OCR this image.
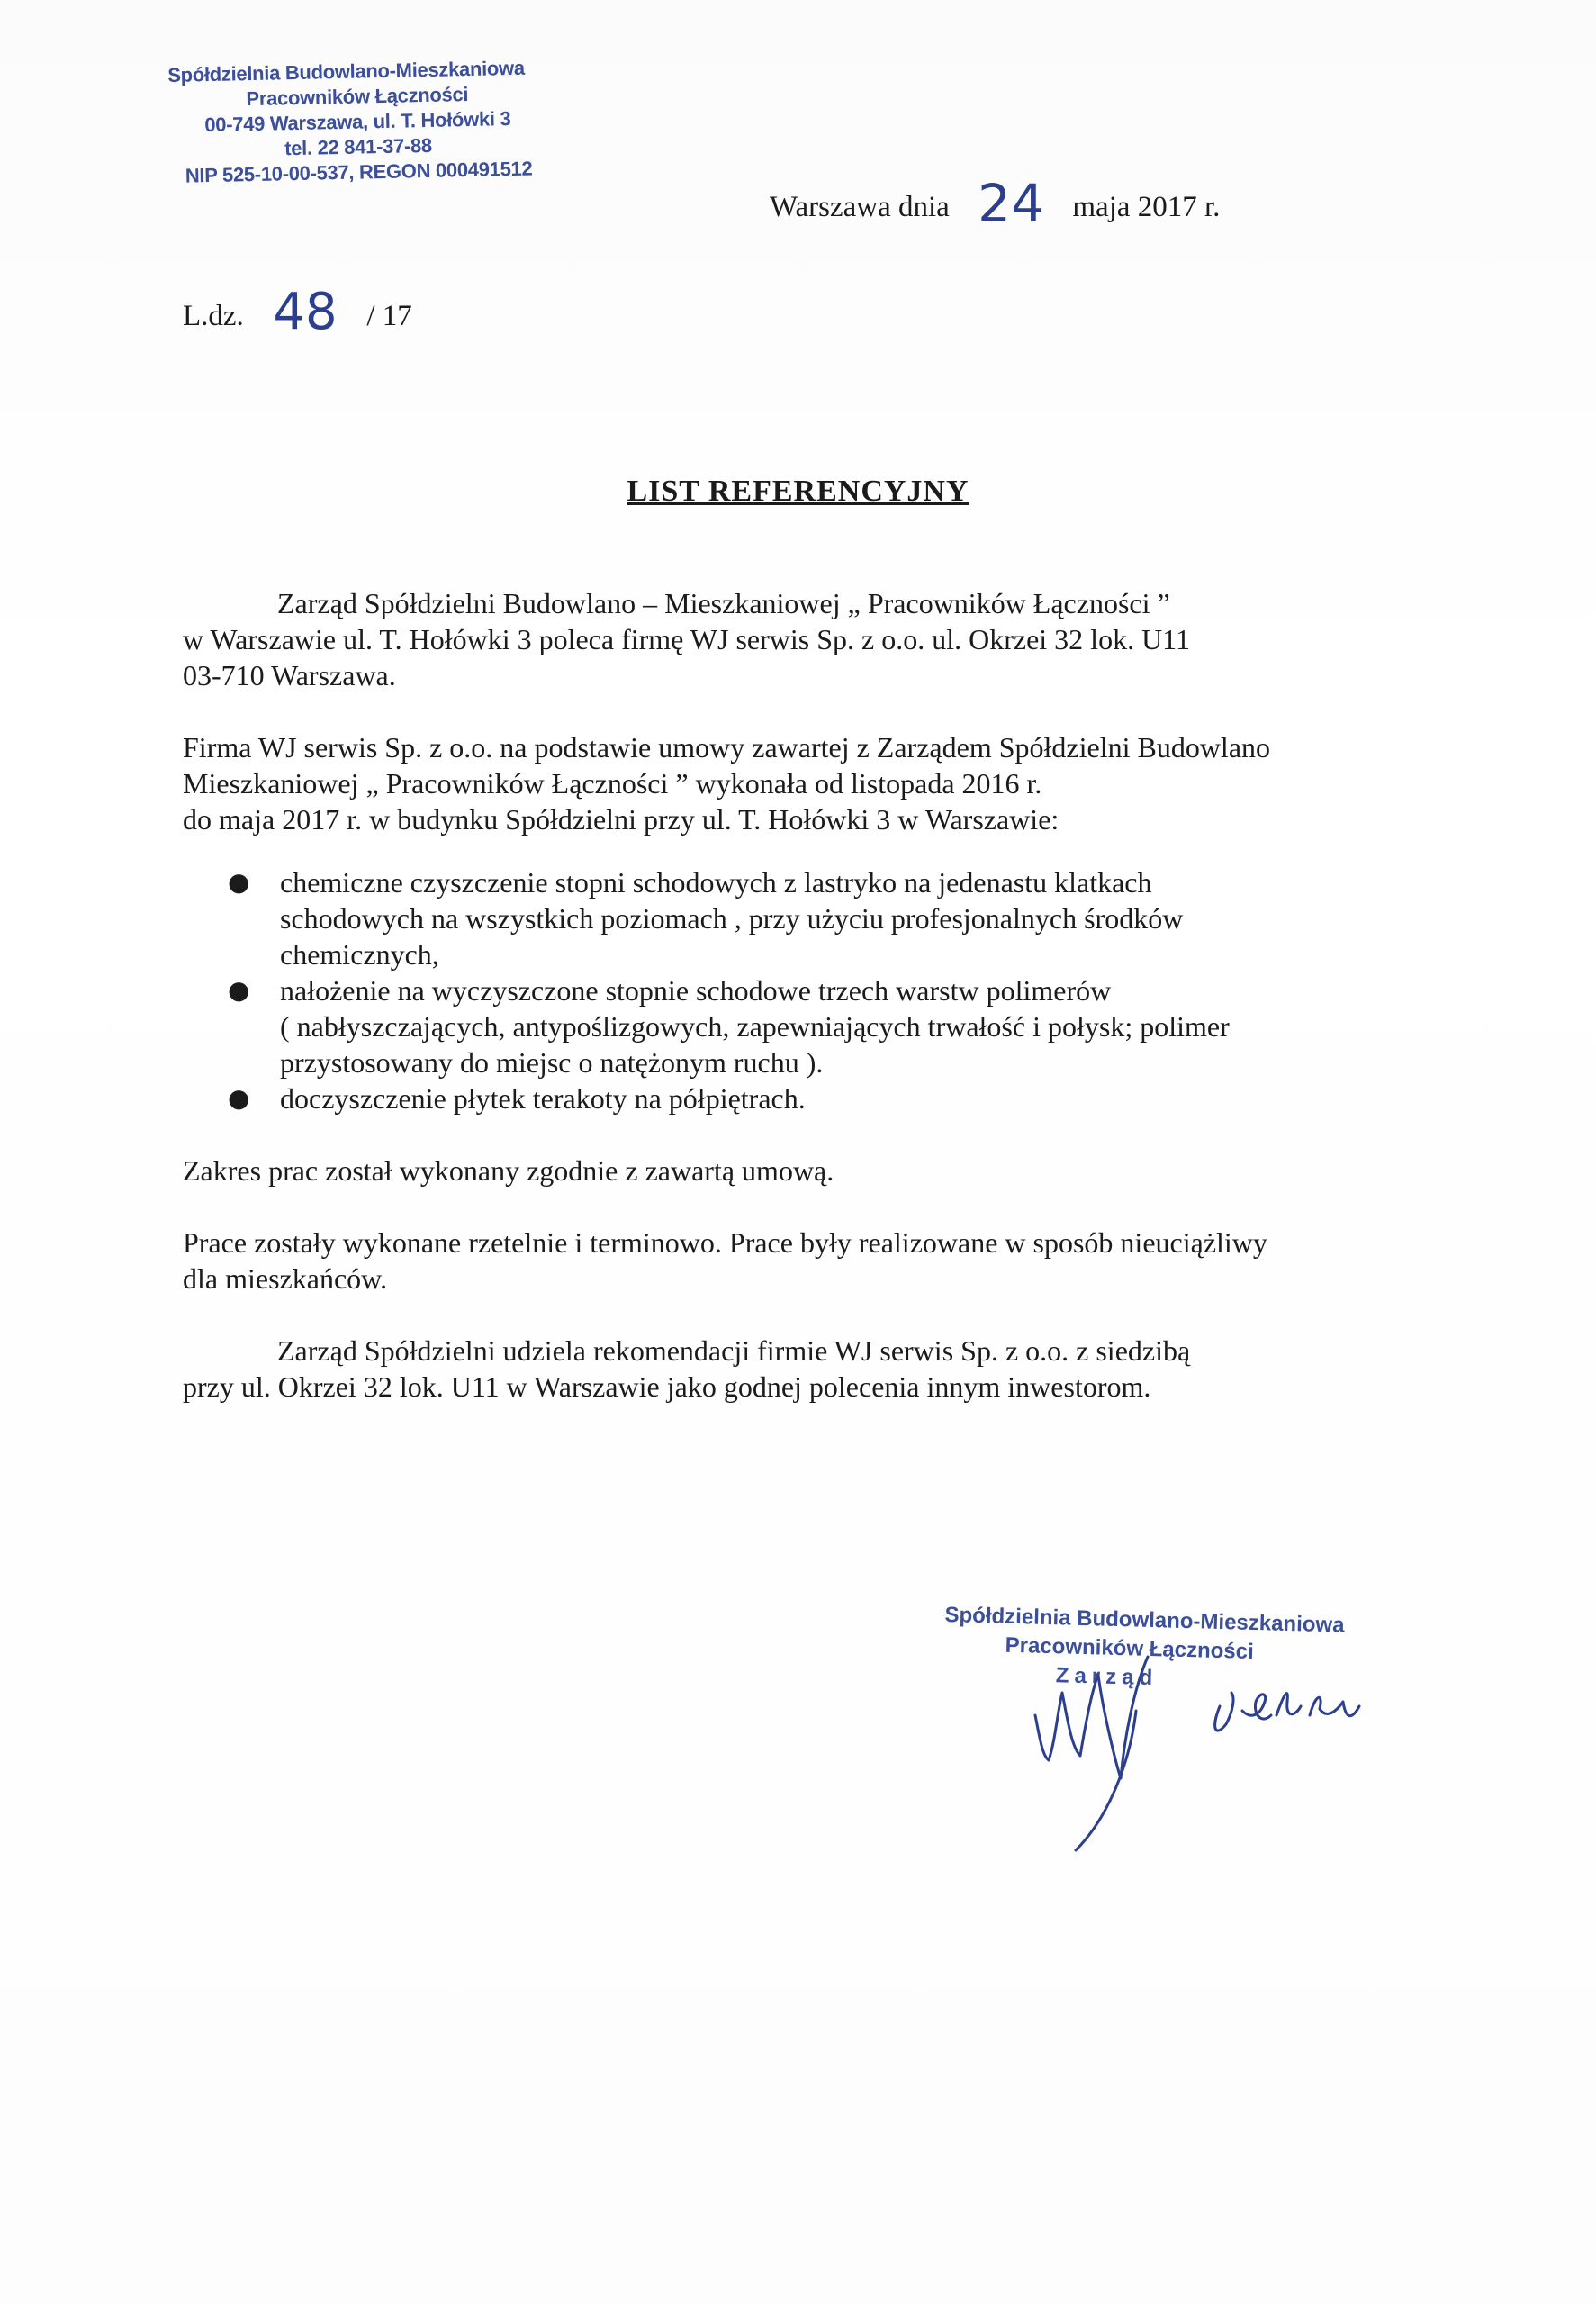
Spółdzielnia Budowlano-Mieszkaniowa
Pracowników Łączności
00-749 Warszawa, ul. T. Hołówki 3
tel. 22 841-37-88
NIP 525-10-00-537, REGON 000491512
Warszawa dnia 24 maja 2017 r.
L.dz. 48 / 17
LIST REFERENCYJNY

Zarząd Spółdzielni Budowlano – Mieszkaniowej „ Pracowników Łączności ”

w Warszawie ul. T. Hołówki 3 poleca firmę WJ serwis Sp. z o.o. ul. Okrzei 32 lok. U11

03-710 Warszawa.

Firma WJ serwis Sp. z o.o. na podstawie umowy zawartej z Zarządem Spółdzielni Budowlano

Mieszkaniowej „ Pracowników Łączności ” wykonała od listopada 2016 r.

do maja 2017 r. w budynku Spółdzielni przy ul. T. Hołówki 3 w Warszawie:

● chemiczne czyszczenie stopni schodowych z lastryko na jedenastu klatkach
schodowych na wszystkich poziomach , przy użyciu profesjonalnych środków
chemicznych,
● nałożenie na wyczyszczone stopnie schodowe trzech warstw polimerów
( nabłyszczających, antypoślizgowych, zapewniających trwałość i połysk; polimer
przystosowany do miejsc o natężonym ruchu ).
● doczyszczenie płytek terakoty na półpiętrach.

Zakres prac został wykonany zgodnie z zawartą umową.

Prace zostały wykonane rzetelnie i terminowo. Prace były realizowane w sposób nieuciążliwy

dla mieszkańców.

Zarząd Spółdzielni udziela rekomendacji firmie WJ serwis Sp. z o.o. z siedzibą

przy ul. Okrzei 32 lok. U11 w Warszawie jako godnej polecenia innym inwestorom.

Spółdzielnia Budowlano-Mieszkaniowa
Pracowników Łączności
Zarząd
